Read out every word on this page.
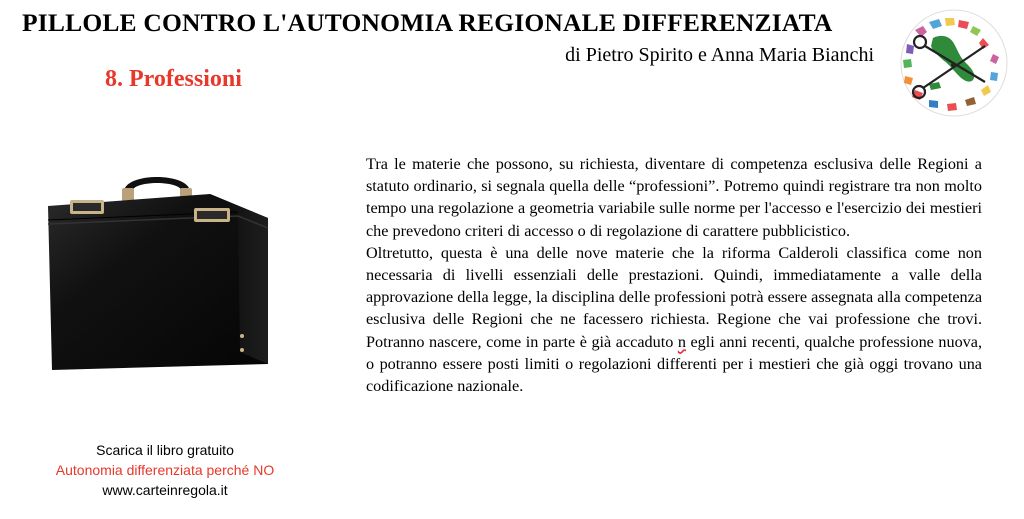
PILLOLE CONTRO L'AUTONOMIA REGIONALE DIFFERENZIATA
di Pietro Spirito e Anna Maria Bianchi
8. Professioni

Tra le materie che possono, su richiesta, diventare di competenza esclusiva delle Regioni a statuto ordinario, si segnala quella delle “professioni”. Potremo quindi registrare tra non molto tempo una regolazione a geometria variabile sulle norme per l'accesso e l'esercizio dei mestieri che prevedono criteri di accesso o di regolazione di carattere pubblicistico.

Oltretutto, questa è una delle nove materie che la riforma Calderoli classifica come non necessaria di livelli essenziali delle prestazioni. Quindi, immediatamente a valle della approvazione della legge, la disciplina delle professioni potrà essere assegnata alla competenza esclusiva delle Regioni che ne facessero richiesta. Regione che vai professione che trovi. Potranno nascere, come in parte è già accaduto n egli anni recenti, qualche professione nuova, o potranno essere posti limiti o regolazioni differenti per i mestieri che già oggi trovano una codificazione nazionale.

Scarica il libro gratuito
Autonomia differenziata perché NO
www.carteinregola.it
